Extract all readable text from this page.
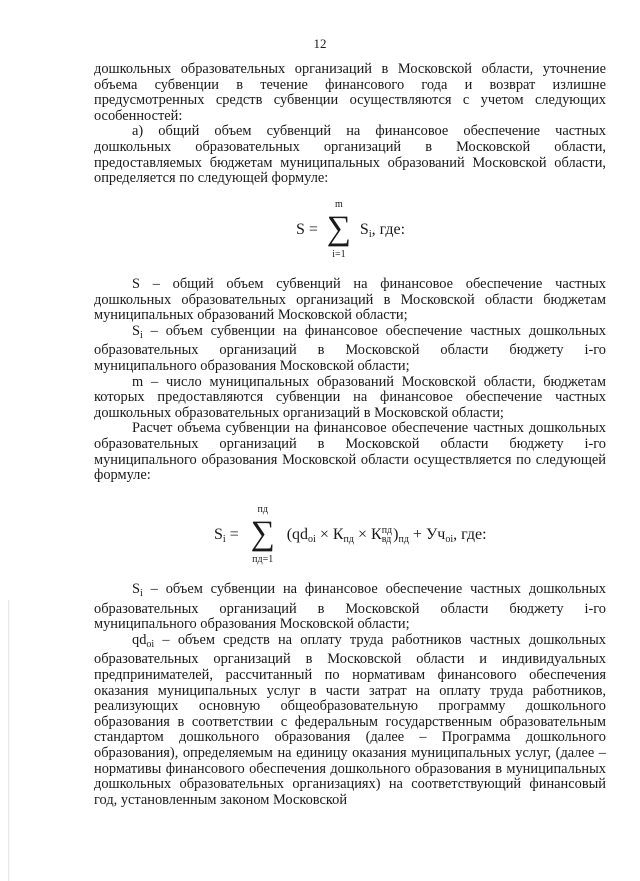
12

дошкольных образовательных организаций в Московской области, уточнение объема субвенции в течение финансового года и возврат излишне предусмотренных средств субвенции осуществляются с учетом следующих особенностей:

а) общий объем субвенций на финансовое обеспечение частных дошкольных образовательных организаций в Московской области, предоставляемых бюджетам муниципальных образований Московской области, определяется по следующей формуле:

S =
m
∑
i=1
$S_i$ , где:

S – общий объем субвенций на финансовое обеспечение частных дошкольных образовательных организаций в Московской области бюджетам муниципальных образований Московской области;

$S_i$ – объем субвенции на финансовое обеспечение частных дошкольных образовательных организаций в Московской области бюджету i-го муниципального образования Московской области;

m – число муниципальных образований Московской области, бюджетам которых предоставляются субвенции на финансовое обеспечение частных дошкольных образовательных организаций в Московской области;

Расчет объема субвенции на финансовое обеспечение частных дошкольных образовательных организаций в Московской области бюджету i-го муниципального образования Московской области осуществляется по следующей формуле:

$S_i$ =
пд
∑
пд=1
($qd_{oi} \times К_{пд} \times К$ пд
вд )$_{пд} + Уч_{oi}$, где:

$S_i$ – объем субвенции на финансовое обеспечение частных дошкольных образовательных организаций в Московской области бюджету i-го муниципального образования Московской области;

$qd_{oi}$ – объем средств на оплату труда работников частных дошкольных образовательных организаций в Московской области и индивидуальных предпринимателей, рассчитанный по нормативам финансового обеспечения оказания муниципальных услуг в части затрат на оплату труда работников, реализующих основную общеобразовательную программу дошкольного образования в соответствии с федеральным государственным образовательным стандартом дошкольного образования (далее – Программа дошкольного образования), определяемым на единицу оказания муниципальных услуг, (далее – нормативы финансового обеспечения дошкольного образования в муниципальных дошкольных образовательных организациях) на соответствующий финансовый год, установленным законом Московской
